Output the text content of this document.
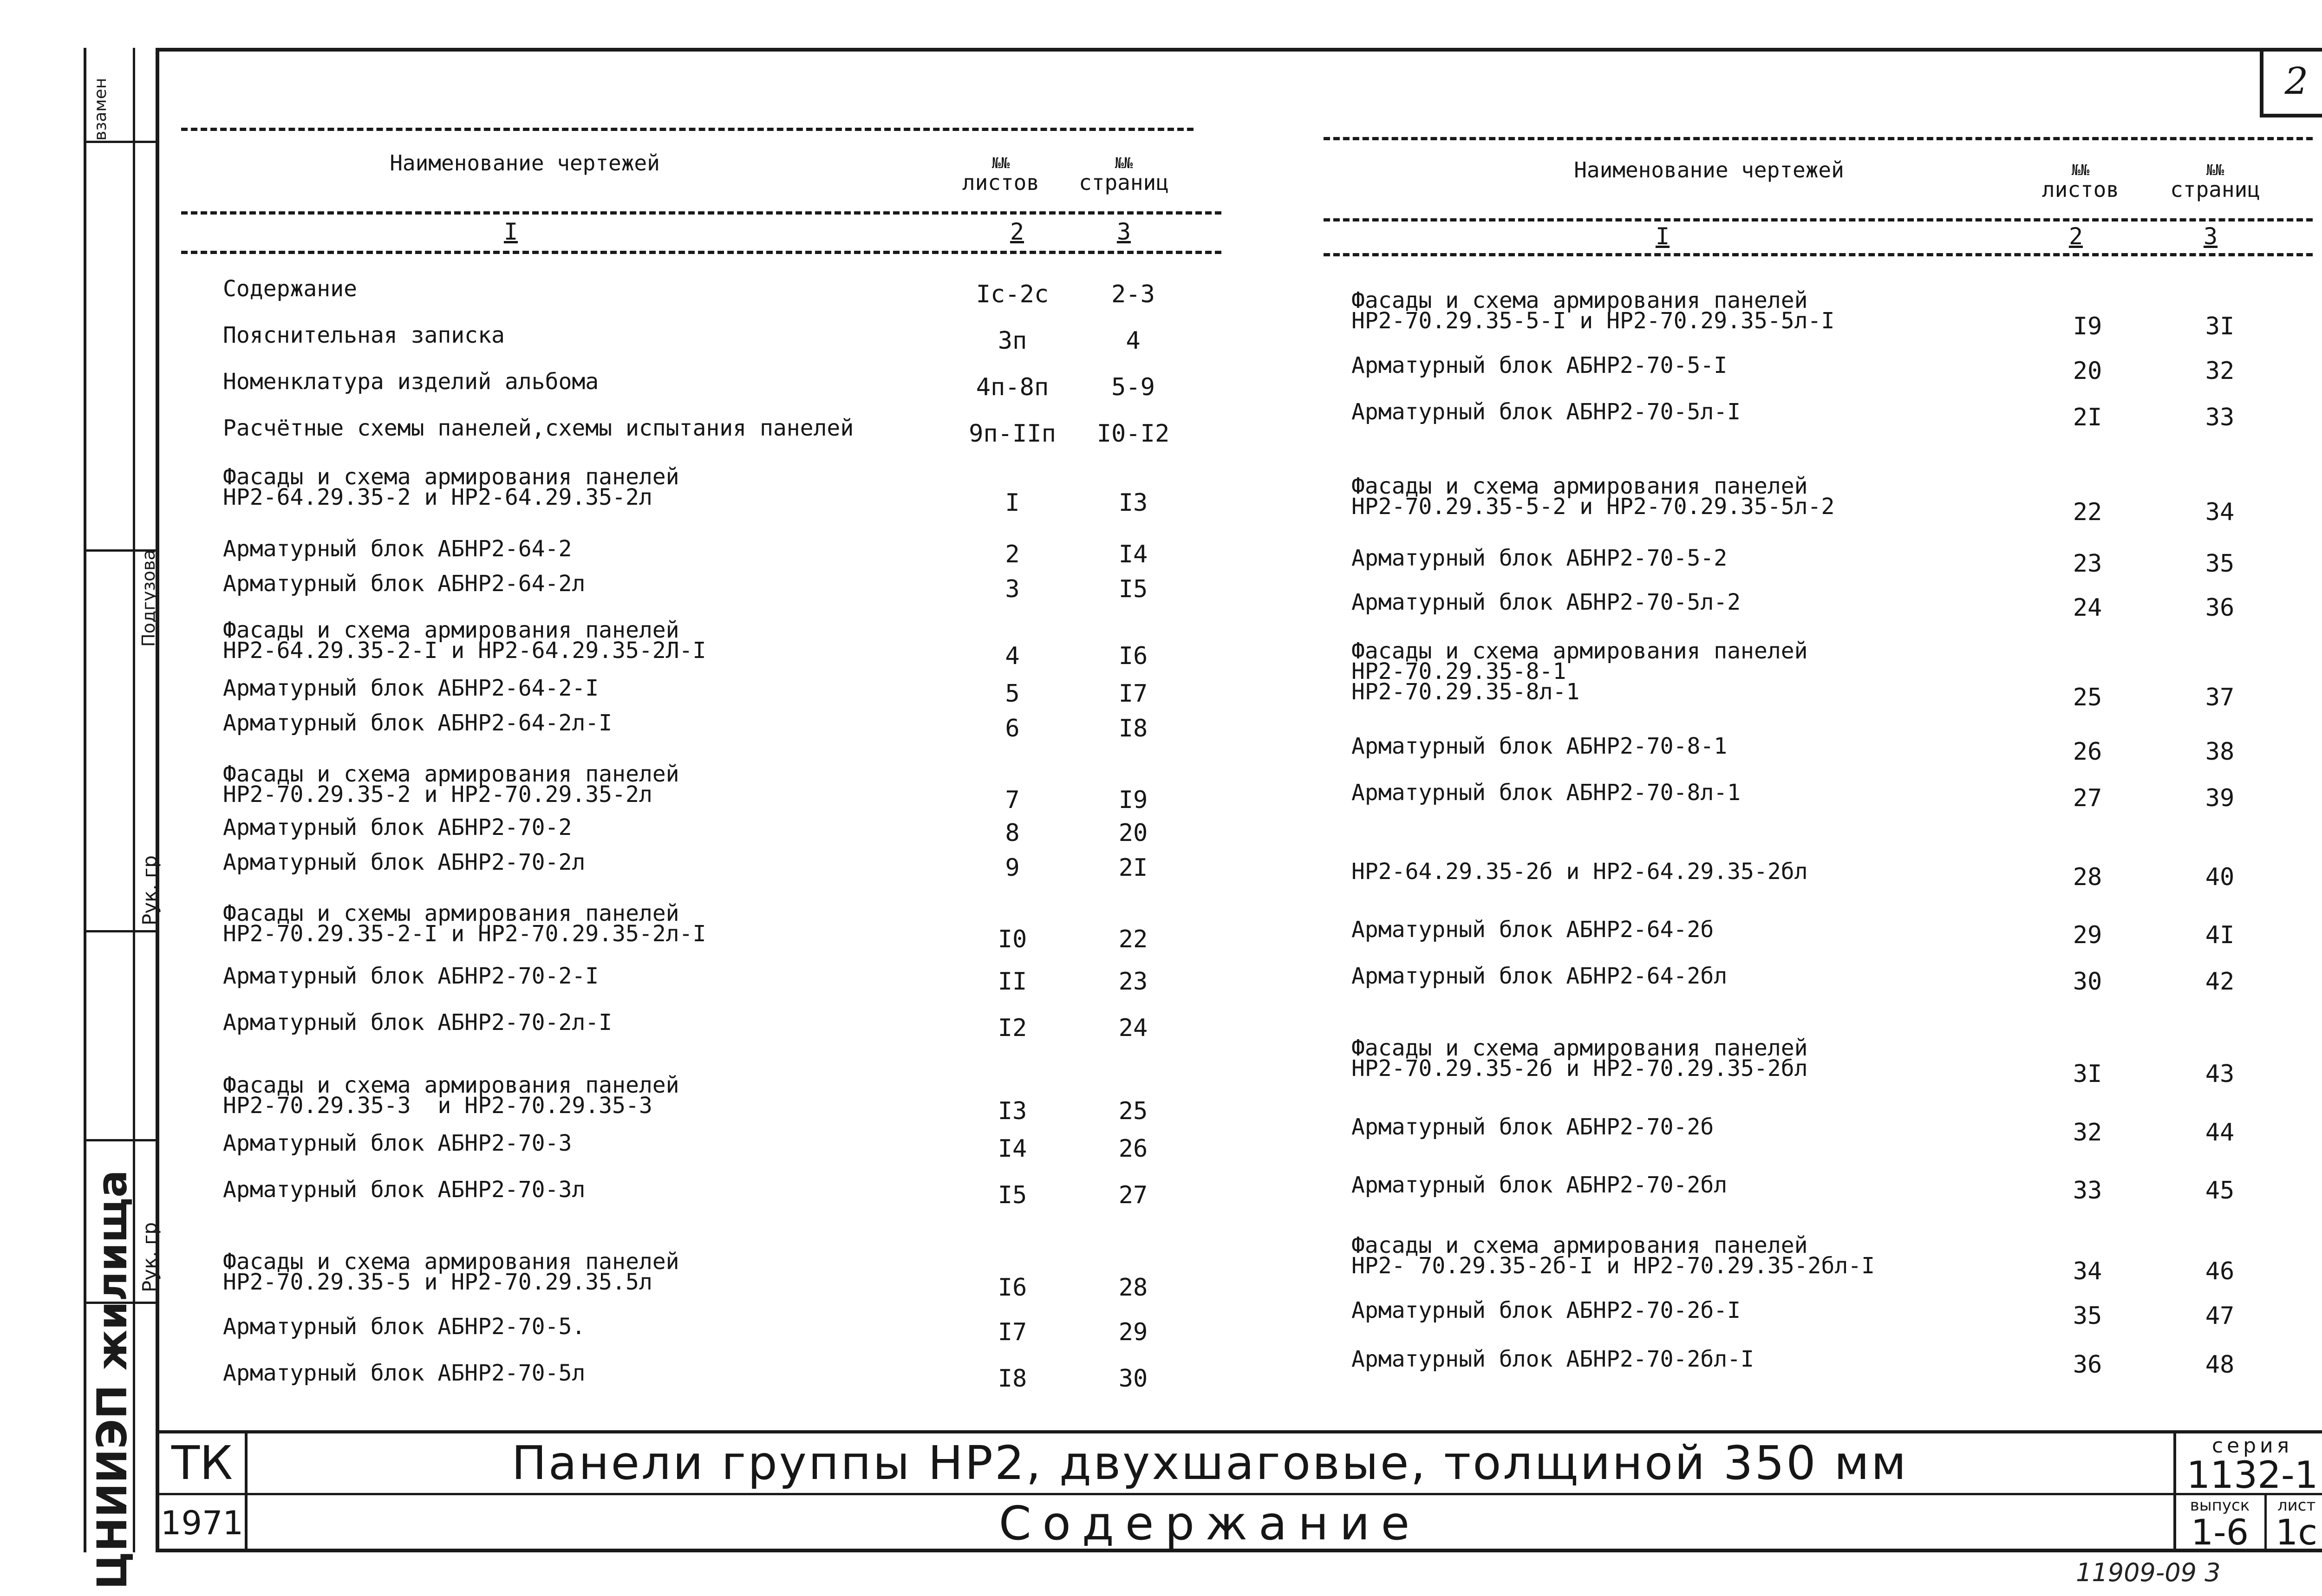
2
взамен
Подгузова
Рук. гр
Рук. гр
ЦНИИЭП жилища
Наименование чертежей	№№
листов
№№
страниц
I	2	3
Наименование чертежей	№№
листов
№№
страниц
I	2	3
Содержание	Iс-2с	2-3
Пояснительная записка	3п	4
Номенклатура изделий альбома	4п-8п	5-9
Расчётные схемы панелей,схемы испытания панелей	9п-IIп	I0-I2
Фасады и схема армирования панелей
НР2-64.29.35-2 и НР2-64.29.35-2л	I	I3
Арматурный блок АБНР2-64-2	2	I4
Арматурный блок АБНР2-64-2л	3	I5
Фасады и схема армирования панелей
НР2-64.29.35-2-I и НР2-64.29.35-2Л-I	4	I6
Арматурный блок АБНР2-64-2-I	5	I7
Арматурный блок АБНР2-64-2л-I	6	I8
Фасады и схема армирования панелей
НР2-70.29.35-2 и НР2-70.29.35-2л	7	I9
Арматурный блок АБНР2-70-2	8	20
Арматурный блок АБНР2-70-2л	9	2I
Фасады и схемы армирования панелей
НР2-70.29.35-2-I и НР2-70.29.35-2л-I	I0	22
Арматурный блок АБНР2-70-2-I	II	23
Арматурный блок АБНР2-70-2л-I	I2	24
Фасады и схема армирования панелей
НР2-70.29.35-3  и НР2-70.29.35-3	I3	25
Арматурный блок АБНР2-70-3	I4	26
Арматурный блок АБНР2-70-3л	I5	27
Фасады и схема армирования панелей
НР2-70.29.35-5 и НР2-70.29.35.5л	I6	28
Арматурный блок АБНР2-70-5.	I7	29
Арматурный блок АБНР2-70-5л	I8	30
Фасады и схема армирования панелей
НР2-70.29.35-5-I и НР2-70.29.35-5л-I	I9	3I
Арматурный блок АБНР2-70-5-I	20	32
Арматурный блок АБНР2-70-5л-I	2I	33
Фасады и схема армирования панелей
НР2-70.29.35-5-2 и НР2-70.29.35-5л-2	22	34
Арматурный блок АБНР2-70-5-2	23	35
Арматурный блок АБНР2-70-5л-2	24	36
Фасады и схема армирования панелей
НР2-70.29.35-8-1
НР2-70.29.35-8л-1	25	37
Арматурный блок АБНР2-70-8-1	26	38
Арматурный блок АБНР2-70-8л-1	27	39
НР2-64.29.35-2б и НР2-64.29.35-2бл	28	40
Арматурный блок АБНР2-64-2б	29	4I
Арматурный блок АБНР2-64-2бл	30	42
Фасады и схема армирования панелей
НР2-70.29.35-2б и НР2-70.29.35-2бл	3I	43
Арматурный блок АБНР2-70-2б	32	44
Арматурный блок АБНР2-70-2бл	33	45
Фасады и схема армирования панелей
НР2- 70.29.35-2б-I и НР2-70.29.35-2бл-I	34	46
Арматурный блок АБНР2-70-2б-I	35	47
Арматурный блок АБНР2-70-2бл-I	36	48
ТК
1971
Панели группы НР2, двухшаговые, толщиной 350 мм
Содержание
серия
1132-1
выпуск
1-6
лист
1с
11909-09 3
